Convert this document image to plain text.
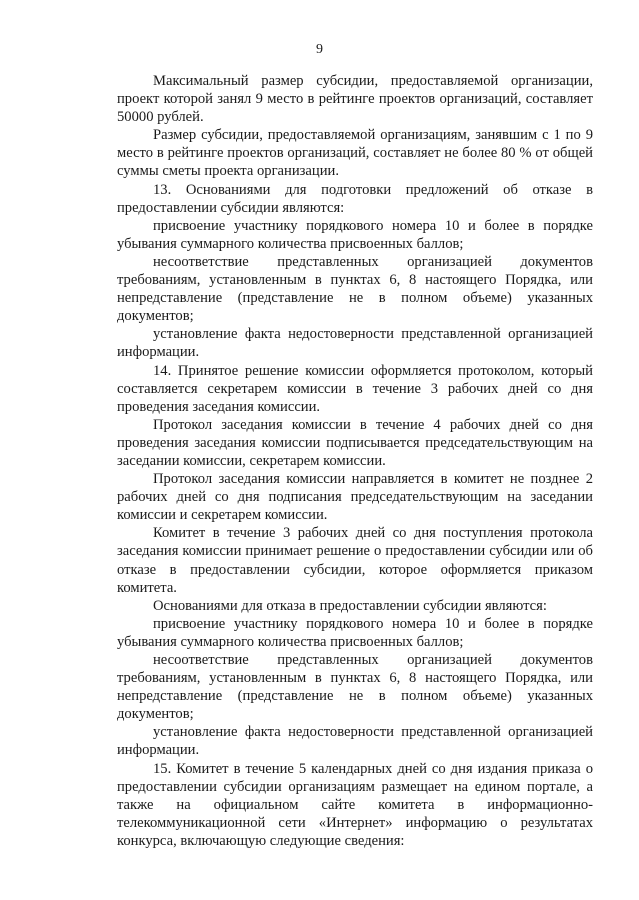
9

Максимальный размер субсидии, предоставляемой организации, проект которой занял 9 место в рейтинге проектов организаций, составляет 50000 рублей.

Размер субсидии, предоставляемой организациям, занявшим с 1 по 9 место в рейтинге проектов организаций, составляет не более 80 % от общей суммы сметы проекта организации.

13. Основаниями для подготовки предложений об отказе в предоставлении субсидии являются:

присвоение участнику порядкового номера 10 и более в порядке убывания суммарного количества присвоенных баллов;

несоответствие представленных организацией документов требованиям, установленным в пунктах 6, 8 настоящего Порядка, или непредставление (представление не в полном объеме) указанных документов;

установление факта недостоверности представленной организацией информации.

14. Принятое решение комиссии оформляется протоколом, который составляется секретарем комиссии в течение 3 рабочих дней со дня проведения заседания комиссии.

Протокол заседания комиссии в течение 4 рабочих дней со дня проведения заседания комиссии подписывается председательствующим на заседании комиссии, секретарем комиссии.

Протокол заседания комиссии направляется в комитет не позднее 2 рабочих дней со дня подписания председательствующим на заседании комиссии и секретарем комиссии.

Комитет в течение 3 рабочих дней со дня поступления протокола заседания комиссии принимает решение о предоставлении субсидии или об отказе в предоставлении субсидии, которое оформляется приказом комитета.

Основаниями для отказа в предоставлении субсидии являются:

присвоение участнику порядкового номера 10 и более в порядке убывания суммарного количества присвоенных баллов;

несоответствие представленных организацией документов требованиям, установленным в пунктах 6, 8 настоящего Порядка, или непредставление (представление не в полном объеме) указанных документов;

установление факта недостоверности представленной организацией информации.

15. Комитет в течение 5 календарных дней со дня издания приказа о предоставлении субсидии организациям размещает на едином портале, а также на официальном сайте комитета в информационно-телекоммуникационной сети «Интернет» информацию о результатах конкурса, включающую следующие сведения:
